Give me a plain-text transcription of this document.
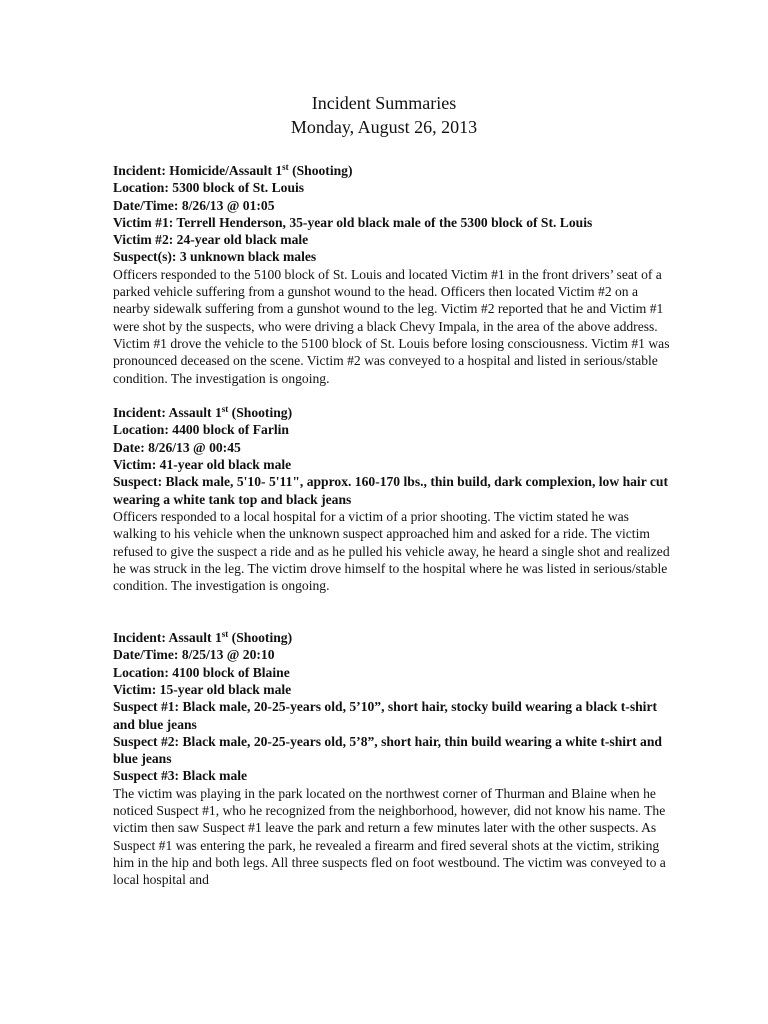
Incident Summaries
Monday, August 26, 2013

Incident: Homicide/Assault 1st (Shooting)

Location: 5300 block of St. Louis

Date/Time: 8/26/13 @ 01:05

Victim #1: Terrell Henderson, 35-year old black male of the 5300 block of St. Louis

Victim #2: 24-year old black male

Suspect(s): 3 unknown black males

Officers responded to the 5100 block of St. Louis and located Victim #1 in the front drivers’ seat of a parked vehicle suffering from a gunshot wound to the head. Officers then located Victim #2 on a nearby sidewalk suffering from a gunshot wound to the leg. Victim #2 reported that he and Victim #1 were shot by the suspects, who were driving a black Chevy Impala, in the area of the above address. Victim #1 drove the vehicle to the 5100 block of St. Louis before losing consciousness. Victim #1 was pronounced deceased on the scene. Victim #2 was conveyed to a hospital and listed in serious/stable condition. The investigation is ongoing.

Incident: Assault 1st (Shooting)

Location: 4400 block of Farlin

Date: 8/26/13 @ 00:45

Victim: 41-year old black male

Suspect: Black male, 5'10- 5'11", approx. 160-170 lbs., thin build, dark complexion, low hair cut wearing a white tank top and black jeans

Officers responded to a local hospital for a victim of a prior shooting. The victim stated he was walking to his vehicle when the unknown suspect approached him and asked for a ride. The victim refused to give the suspect a ride and as he pulled his vehicle away, he heard a single shot and realized he was struck in the leg. The victim drove himself to the hospital where he was listed in serious/stable condition. The investigation is ongoing.

Incident: Assault 1st (Shooting)

Date/Time: 8/25/13 @ 20:10

Location: 4100 block of Blaine

Victim: 15-year old black male

Suspect #1: Black male, 20-25-years old, 5’10”, short hair, stocky build wearing a black t-shirt and blue jeans

Suspect #2: Black male, 20-25-years old, 5’8”, short hair, thin build wearing a white t-shirt and blue jeans

Suspect #3: Black male

The victim was playing in the park located on the northwest corner of Thurman and Blaine when he noticed Suspect #1, who he recognized from the neighborhood, however, did not know his name. The victim then saw Suspect #1 leave the park and return a few minutes later with the other suspects. As Suspect #1 was entering the park, he revealed a firearm and fired several shots at the victim, striking him in the hip and both legs. All three suspects fled on foot westbound. The victim was conveyed to a local hospital and
